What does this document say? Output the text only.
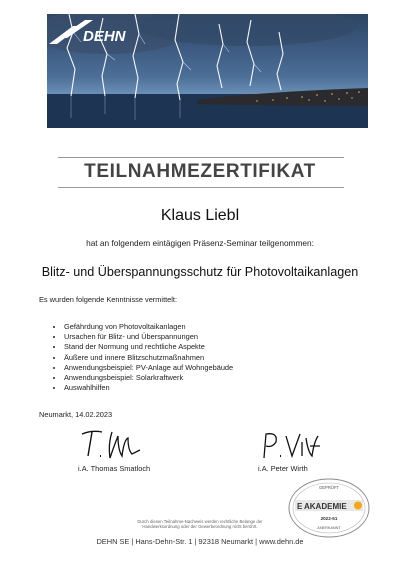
DEHN
TEILNAHMEZERTIFIKAT
Klaus Liebl
hat an folgendem eintägigen Präsenz-Seminar teilgenommen:
Blitz- und Überspannungsschutz für Photovoltaikanlagen
Es wurden folgende Kenntnisse vermittelt:
• Gefährdung von Photovoltaikanlagen
• Ursachen für Blitz- und Überspannungen
• Stand der Normung und rechtliche Aspekte
• Äußere und innere Blitzschutzmaßnahmen
• Anwendungsbeispiel: PV-Anlage auf Wohngebäude
• Anwendungsbeispiel: Solarkraftwerk
• Auswahlhilfen
Neumarkt, 14.02.2023
i.A. Thomas Smatloch	i.A. Peter Wirth
GEPRÜFT
E AKADEMIE
2022-51
ANERKANNT
Durch diesen Teilnahme-Nachweis werden rechtliche Belange der
Handwerksordnung oder der Gewerbeordnung nicht berührt.
DEHN SE | Hans-Dehn-Str. 1 | 92318 Neumarkt | www.dehn.de
